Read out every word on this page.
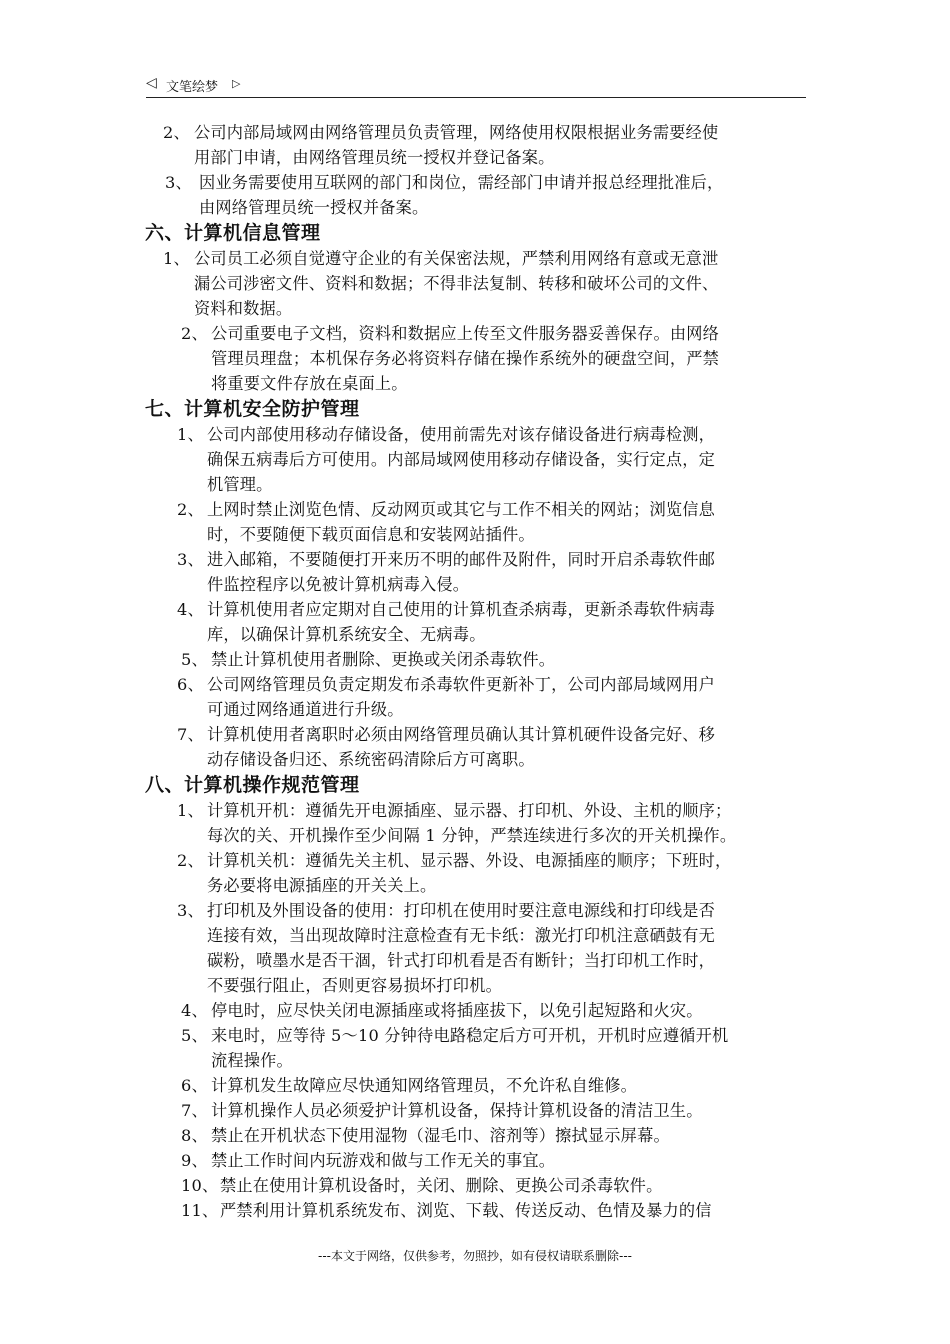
◁ 文笔绘梦 ▷
2、 公司内部局域网由网络管理员负责管理，网络使用权限根据业务需要经使
用部门申请，由网络管理员统一授权并登记备案。
3、 因业务需要使用互联网的部门和岗位，需经部门申请并报总经理批准后，
由网络管理员统一授权并备案。
六、计算机信息管理
1、 公司员工必须自觉遵守企业的有关保密法规，严禁利用网络有意或无意泄
漏公司涉密文件、资料和数据；不得非法复制、转移和破坏公司的文件、
资料和数据。
2、 公司重要电子文档，资料和数据应上传至文件服务器妥善保存。由网络
管理员理盘；本机保存务必将资料存储在操作系统外的硬盘空间，严禁
将重要文件存放在桌面上。
七、计算机安全防护管理
1、 公司内部使用移动存储设备，使用前需先对该存储设备进行病毒检测，
确保五病毒后方可使用。内部局域网使用移动存储设备，实行定点，定
机管理。
2、 上网时禁止浏览色情、反动网页或其它与工作不相关的网站；浏览信息
时，不要随便下载页面信息和安装网站插件。
3、 进入邮箱，不要随便打开来历不明的邮件及附件，同时开启杀毒软件邮
件监控程序以免被计算机病毒入侵。
4、 计算机使用者应定期对自己使用的计算机查杀病毒，更新杀毒软件病毒
库，以确保计算机系统安全、无病毒。
5、 禁止计算机使用者删除、更换或关闭杀毒软件。
6、 公司网络管理员负责定期发布杀毒软件更新补丁，公司内部局域网用户
可通过网络通道进行升级。
7、 计算机使用者离职时必须由网络管理员确认其计算机硬件设备完好、移
动存储设备归还、系统密码清除后方可离职。
八、计算机操作规范管理
1、 计算机开机：遵循先开电源插座、显示器、打印机、外设、主机的顺序；
每次的关、开机操作至少间隔 1 分钟，严禁连续进行多次的开关机操作。
2、 计算机关机：遵循先关主机、显示器、外设、电源插座的顺序；下班时，
务必要将电源插座的开关关上。
3、 打印机及外围设备的使用：打印机在使用时要注意电源线和打印线是否
连接有效，当出现故障时注意检查有无卡纸：激光打印机注意硒鼓有无
碳粉，喷墨水是否干涸，针式打印机看是否有断针；当打印机工作时，
不要强行阻止，否则更容易损坏打印机。
4、 停电时，应尽快关闭电源插座或将插座拔下，以免引起短路和火灾。
5、 来电时，应等待 5～10 分钟待电路稳定后方可开机，开机时应遵循开机
流程操作。
6、 计算机发生故障应尽快通知网络管理员，不允许私自维修。
7、 计算机操作人员必须爱护计算机设备，保持计算机设备的清洁卫生。
8、 禁止在开机状态下使用湿物（湿毛巾、溶剂等）擦拭显示屏幕。
9、 禁止工作时间内玩游戏和做与工作无关的事宜。
10、 禁止在使用计算机设备时，关闭、删除、更换公司杀毒软件。
11、 严禁利用计算机系统发布、浏览、下载、传送反动、色情及暴力的信
---本文于网络，仅供参考，勿照抄，如有侵权请联系删除---
